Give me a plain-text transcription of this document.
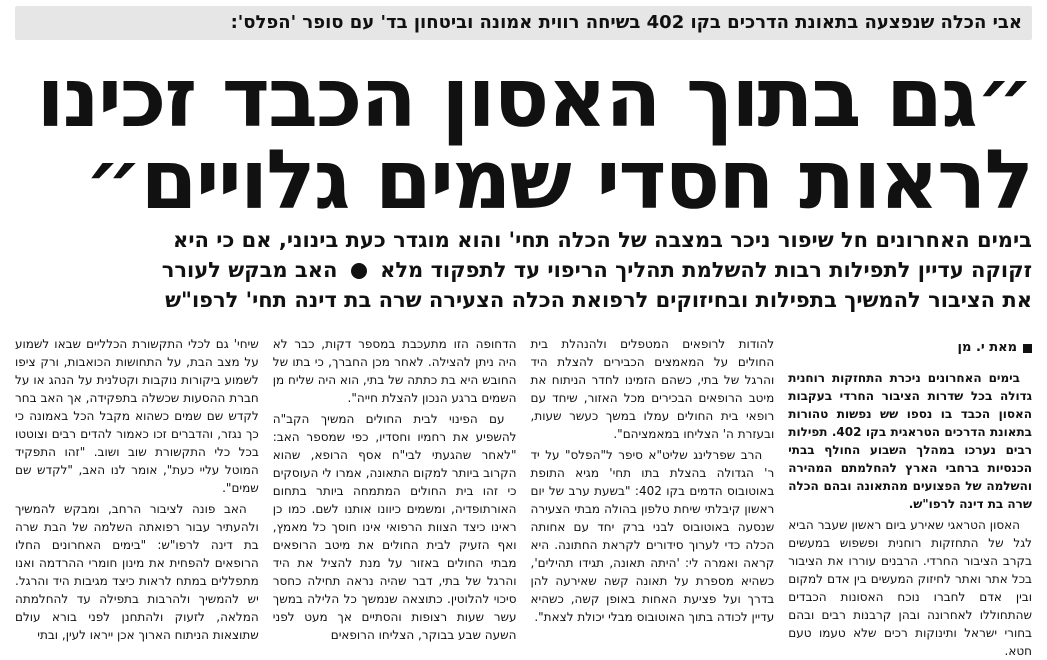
אבי הכלה שנפצעה בתאונת הדרכים בקו 402 בשיחה רווית אמונה וביטחון בד' עם סופר 'הפלס':
״גם בתוך האסון הכבד זכינו
לראות חסדי שמים גלויים״
בימים האחרונים חל שיפור ניכר במצבה של הכלה תחי' והוא מוגדר כעת בינוני, אם כי היא
זקוקה עדיין לתפילות רבות להשלמת תהליך הריפוי עד לתפקוד מלא  האב מבקש לעורר
את הציבור להמשיך בתפילות ובחיזוקים לרפואת הכלה הצעירה שרה בת דינה תחי' לרפו"ש
מאת י. מן

בימים האחרונים ניכרת התחזקות רוחנית גדולה בכל שדרות הציבור החרדי בעקבות האסון הכבד בו נספו שש נפשות טהורות בתאונת הדרכים הטראגית בקו 402. תפילות רבים נערכו במהלך השבוע החולף בבתי הכנסיות ברחבי הארץ להחלמתם המהירה והשלמה של הפצועים מהתאונה ובהם הכלה שרה בת דינה לרפו"ש.

האסון הטראגי שאירע ביום ראשון שעבר הביא לגל של התחזקות רוחנית ופשפוש במעשים בקרב הציבור החרדי. הרבנים עוררו את הציבור בכל אתר ואתר לחיזוק המעשים בין אדם למקום ובין אדם לחברו נוכח האסונות הכבדים שהתחוללו לאחרונה ובהן קרבנות רבים ובהם בחורי ישראל ותינוקות רכים שלא טעמו טעם חטא.

להודות לרופאים המטפלים ולהנהלת בית החולים על המאמצים הכבירים להצלת היד והרגל של בתי, כשהם הזמינו לחדר הניתוח את מיטב הרופאים הבכירים מכל האזור, שיחד עם רופאי בית החולים עמלו במשך כעשר שעות, ובעזרת ה' הצליחו במאמציהם".

הרב שפרלינג שליט"א סיפר ל"הפלס" על יד ר' הגדולה בהצלת בתו תחי' מגיא התופת באוטובוס הדמים בקו 402: "בשעת ערב של יום ראשון קיבלתי שיחת טלפון בהולה מבתי הצעירה שנסעה באוטובוס לבני ברק יחד עם אחותה הכלה כדי לערוך סידורים לקראת החתונה. היא קראה ואמרה לי: 'היתה תאונה, תגידו תהילים', כשהיא מספרת על תאונה קשה שאירעה להן בדרך ועל פציעת האחות באופן קשה, כשהיא עדיין לכודה בתוך האוטובוס מבלי יכולת לצאת".

הדחופה הזו מתעכבת במספר דקות, כבר לא היה ניתן להצילה. לאחר מכן החברך, כי בתו של החובש היא בת כתתה של בתי, הוא היה שליח מן השמים ברגע הנכון להצלת חייה".

עם הפינוי לבית החולים המשיך הקב"ה להשפיע את רחמיו וחסדיו, כפי שמספר האב: "לאחר שהגעתי לבי"ח אסף הרופא, שהוא הקרוב ביותר למקום התאונה, אמרו לי העוסקים כי זהו בית החולים המתמחה ביותר בתחום האורתופדיה, ומשמים כיוונו אותנו לשם. כמו כן ראינו כיצד הצוות הרפואי אינו חוסך כל מאמץ, ואף הזעיק לבית החולים את מיטב הרופאים מבתי החולים באזור על מנת להציל את היד והרגל של בתי, דבר שהיה נראה תחילה כחסר סיכוי להלוטין. כתוצאה שנמשך כל הלילה במשך עשר שעות רצופות והסתיים אך מעט לפני השעה שבע בבוקר, הצליחו הרופאים

שיחי' גם לכלי התקשורת הכלליים שבאו לשמוע על מצב הבת, על התחושות הכואבות, ורק ציפו לשמוע ביקורות נוקבות וקטלנית על הנהג או על חברת ההסעות שכשלה בתפקידה, אך האב בחר לקדש שם שמים כשהוא מקבל הכל באמונה כי כך נגזר, והדברים זכו כאמור להדים רבים וצוטטו בכל כלי התקשורת שוב ושוב. "זהו התפקיד המוטל עליי כעת", אומר לנו האב, "לקדש שם שמים".

האב פונה לציבור הרחב, ומבקש להמשיך ולהעתיר עבור רפואתה השלמה של הבת שרה בת דינה לרפו"ש: "בימים האחרונים החלו הרופאים להפחית את מינון חומרי ההרדמה ואנו מתפללים במתח לראות כיצד מגיבות היד והרגל. יש להמשיך ולהרבות בתפילה עד להחלמתה המלאה, לזעוק ולהתחנן לפני בורא עולם שתוצאות הניתוח הארוך אכן ייראו לעין, ובתי
